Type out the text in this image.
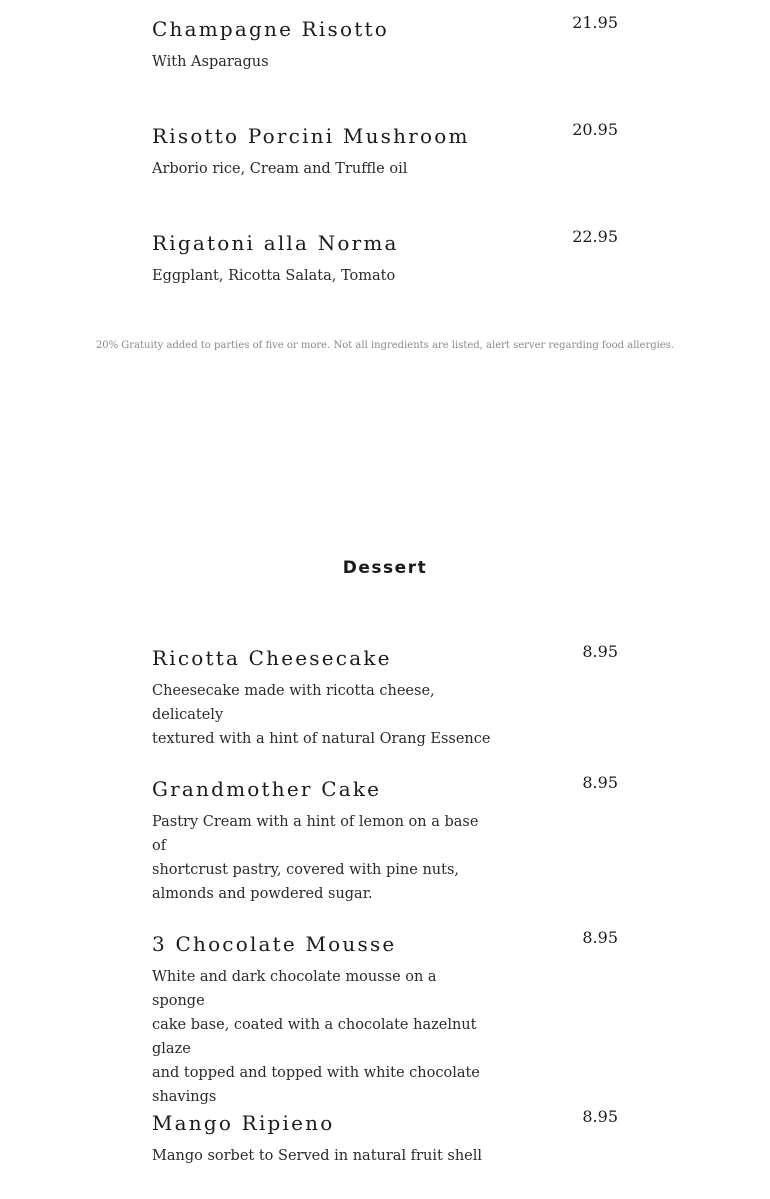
Champagne Risotto	21.95
With Asparagus
Risotto Porcini Mushroom	20.95
Arborio rice, Cream and Truffle oil
Rigatoni alla Norma	22.95
Eggplant, Ricotta Salata, Tomato
20% Gratuity added to parties of five or more. Not all ingredients are listed, alert server regarding food allergies.
Dessert
Ricotta Cheesecake	8.95
Cheesecake made with ricotta cheese, delicately
textured with a hint of natural Orang Essence
Grandmother Cake	8.95
Pastry Cream with a hint of lemon on a base of
shortcrust pastry, covered with pine nuts,
almonds and powdered sugar.
3 Chocolate Mousse	8.95
White and dark chocolate mousse on a sponge
cake base, coated with a chocolate hazelnut glaze
and topped and topped with white chocolate
shavings
Mango Ripieno	8.95
Mango sorbet to Served in natural fruit shell
